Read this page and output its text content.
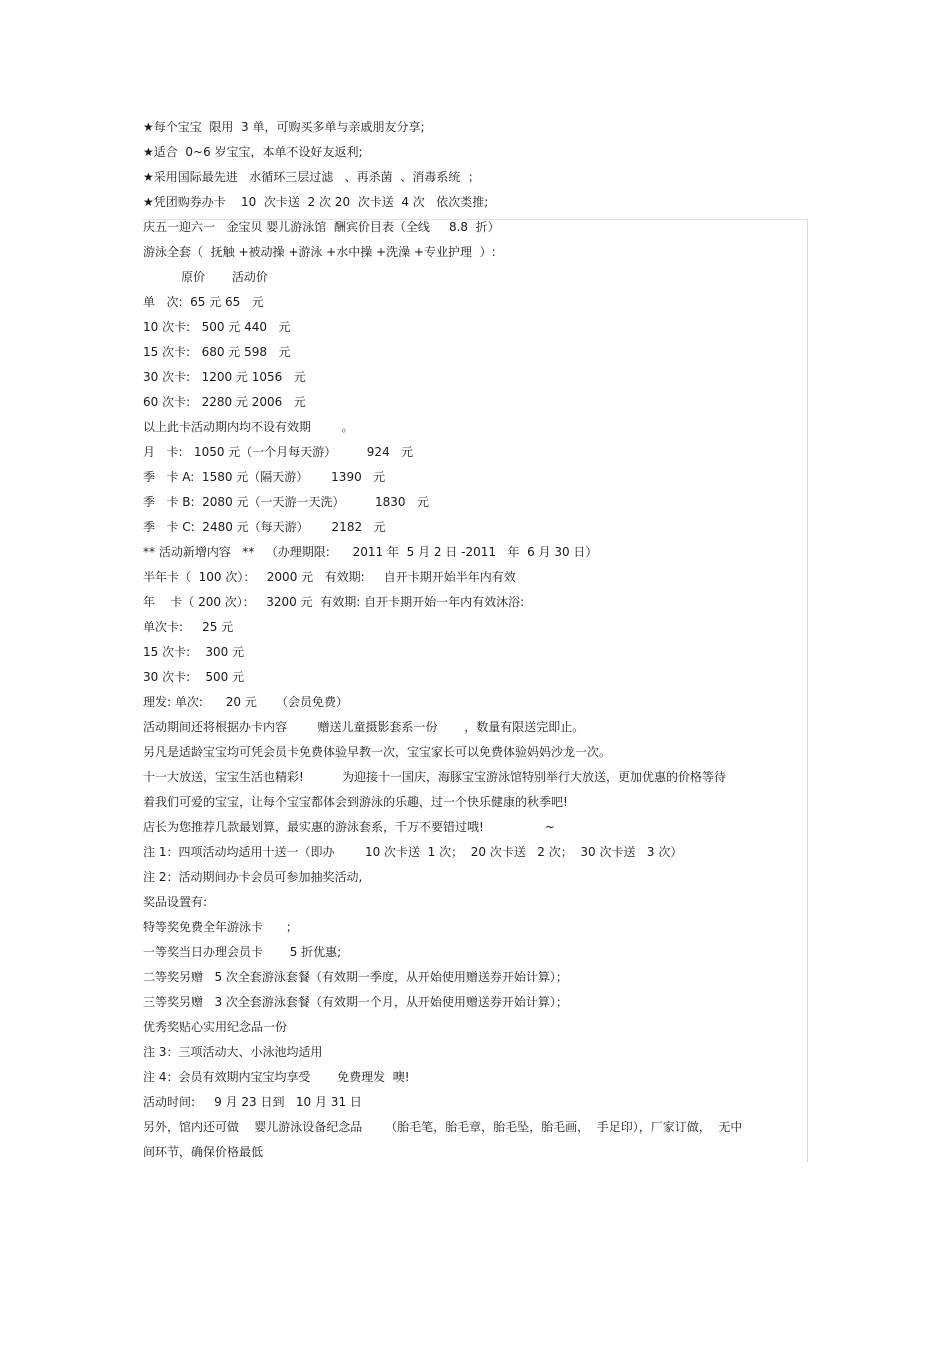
★每个宝宝  限用  3 单，可购买多单与亲戚朋友分享;
★适合  0~6 岁宝宝，本单不设好友返利;
★采用国际最先进   水循环三层过滤   、再杀菌  、消毒系统  ；
★凭团购券办卡    10  次卡送  2 次 20  次卡送  4 次   依次类推;
庆五一迎六一   金宝贝 婴儿游泳馆  酬宾价目表（全线     8.8  折）
游泳全套（  抚触 +被动操 +游泳 +水中操 +洗澡 +专业护理  ）:
原价       活动价
单   次:  65 元 65   元
10 次卡:   500 元 440   元
15 次卡:   680 元 598   元
30 次卡:   1200 元 1056   元
60 次卡:   2280 元 2006   元
以上此卡活动期内均不设有效期        。
月   卡:   1050 元（一个月每天游）        924   元
季   卡 A:  1580 元（隔天游）      1390   元
季   卡 B:  2080 元（一天游一天洗）        1830   元
季   卡 C:  2480 元（每天游）      2182   元
** 活动新增内容   **   （办理期限:      2011 年  5 月 2 日 -2011   年  6 月 30 日）
半年卡（  100 次）：   2000 元   有效期:     自开卡期开始半年内有效
年    卡（ 200 次）：   3200 元  有效期: 自开卡期开始一年内有效沐浴:
单次卡:     25 元
15 次卡:    300 元
30 次卡:    500 元
理发: 单次:      20 元     （会员免费）
活动期间还将根据办卡内容        赠送儿童摄影套系一份       ，数量有限送完即止。
另凡是适龄宝宝均可凭会员卡免费体验早教一次，宝宝家长可以免费体验妈妈沙龙一次。
十一大放送，宝宝生活也精彩!          为迎接十一国庆，海豚宝宝游泳馆特别举行大放送，更加优惠的价格等待
着我们可爱的宝宝，让每个宝宝都体会到游泳的乐趣，过一个快乐健康的秋季吧!
店长为您推荐几款最划算，最实惠的游泳套系，千万不要错过哦!                ~
注 1：四项活动均适用十送一（即办        10 次卡送  1 次；  20 次卡送   2 次；  30 次卡送   3 次）
注 2：活动期间办卡会员可参加抽奖活动,
奖品设置有:
特等奖免费全年游泳卡      ；
一等奖当日办理会员卡       5 折优惠;
二等奖另赠   5 次全套游泳套餐（有效期一季度，从开始使用赠送券开始计算）；
三等奖另赠   3 次全套游泳套餐（有效期一个月，从开始使用赠送券开始计算）；
优秀奖贴心实用纪念品一份
注 3：三项活动大、小泳池均适用
注 4：会员有效期内宝宝均享受       免费理发  噢!
活动时间:     9 月 23 日到   10 月 31 日
另外，馆内还可做    婴儿游泳设备纪念品      （胎毛笔，胎毛章，胎毛坠，胎毛画，  手足印），厂家订做，  无中
间环节，确保价格最低
